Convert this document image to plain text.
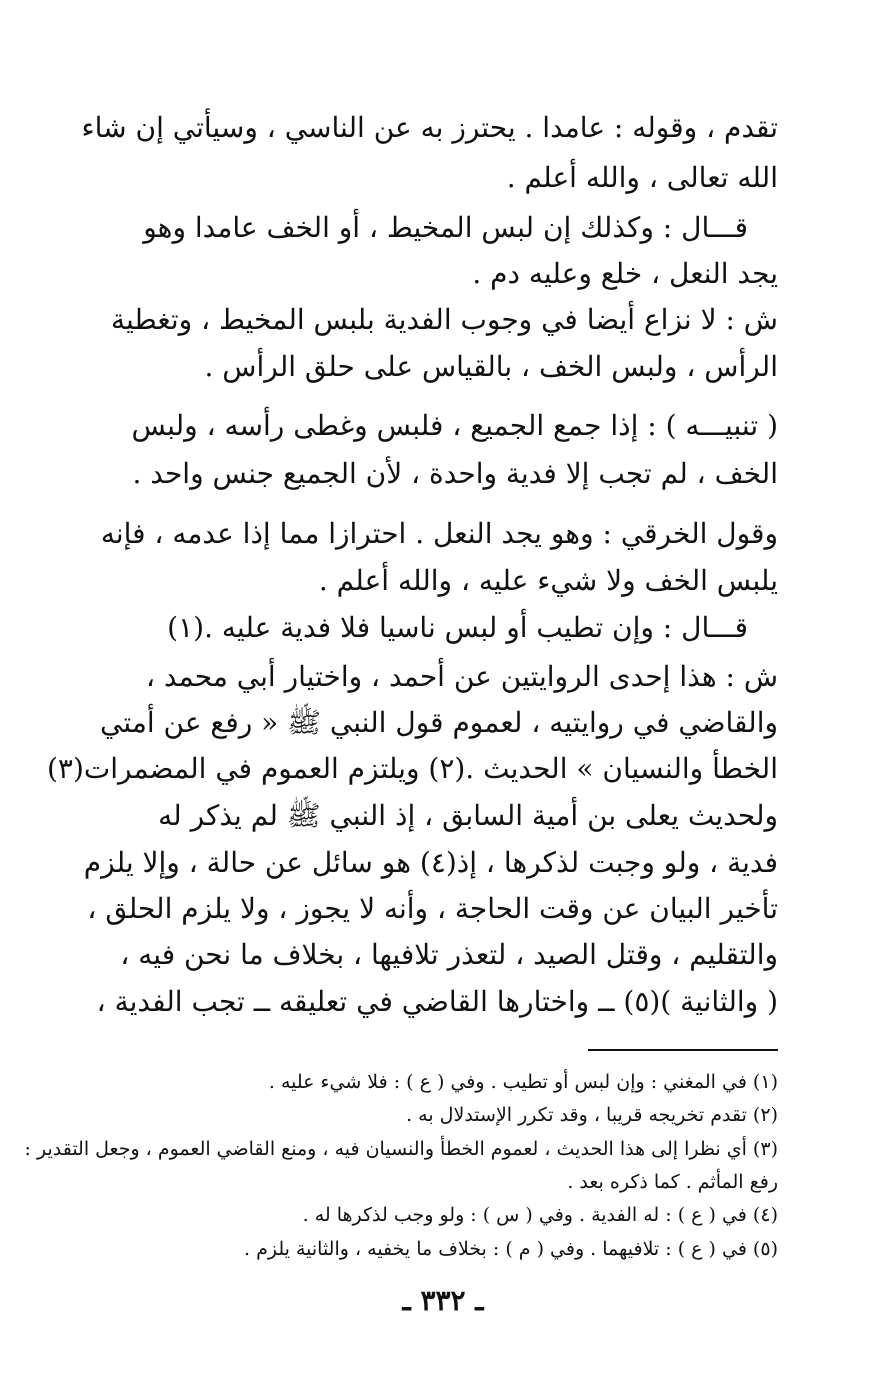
تقدم ، وقوله : عامدا . يحترز به عن الناسي ، وسيأتي إن شاء
الله تعالى ، والله أعلم .
قـــال : وكذلك إن لبس المخيط ، أو الخف عامدا وهو
يجد النعل ، خلع وعليه دم .
ش : لا نزاع أيضا في وجوب الفدية بلبس المخيط ، وتغطية
الرأس ، ولبس الخف ، بالقياس على حلق الرأس .
( تنبيـــه ) : إذا جمع الجميع ، فلبس وغطى رأسه ، ولبس
الخف ، لم تجب إلا فدية واحدة ، لأن الجميع جنس واحد .
وقول الخرقي : وهو يجد النعل . احترازا مما إذا عدمه ، فإنه
يلبس الخف ولا شيء عليه ، والله أعلم .
قـــال : وإن تطيب أو لبس ناسيا فلا فدية عليه .(١)
ش : هذا إحدى الروايتين عن أحمد ، واختيار أبي محمد ،
والقاضي في روايتيه ، لعموم قول النبي ﷺ « رفع عن أمتي
الخطأ والنسيان » الحديث .(٢) ويلتزم العموم في المضمرات(٣)
ولحديث يعلى بن أمية السابق ، إذ النبي ﷺ لم يذكر له
فدية ، ولو وجبت لذكرها ، إذ(٤) هو سائل عن حالة ، وإلا يلزم
تأخير البيان عن وقت الحاجة ، وأنه لا يجوز ، ولا يلزم الحلق ،
والتقليم ، وقتل الصيد ، لتعذر تلافيها ، بخلاف ما نحن فيه ،
( والثانية )(٥) ــ واختارها القاضي في تعليقه ــ تجب الفدية ،
(١) في المغني : وإن لبس أو تطيب . وفي ( ع ) : فلا شيء عليه .
(٢) تقدم تخريجه قريبا ، وقد تكرر الإستدلال به .
(٣) أي نظرا إلى هذا الحديث ، لعموم الخطأ والنسيان فيه ، ومنع القاضي العموم ، وجعل التقدير :
رفع المأثم . كما ذكره بعد .
(٤) في ( ع ) : له الفدية . وفي ( س ) : ولو وجب لذكرها له .
(٥) في ( ع ) : تلافيهما . وفي ( م ) : بخلاف ما يخفيه ، والثانية يلزم .
ـ ٣٣٢ ـ
